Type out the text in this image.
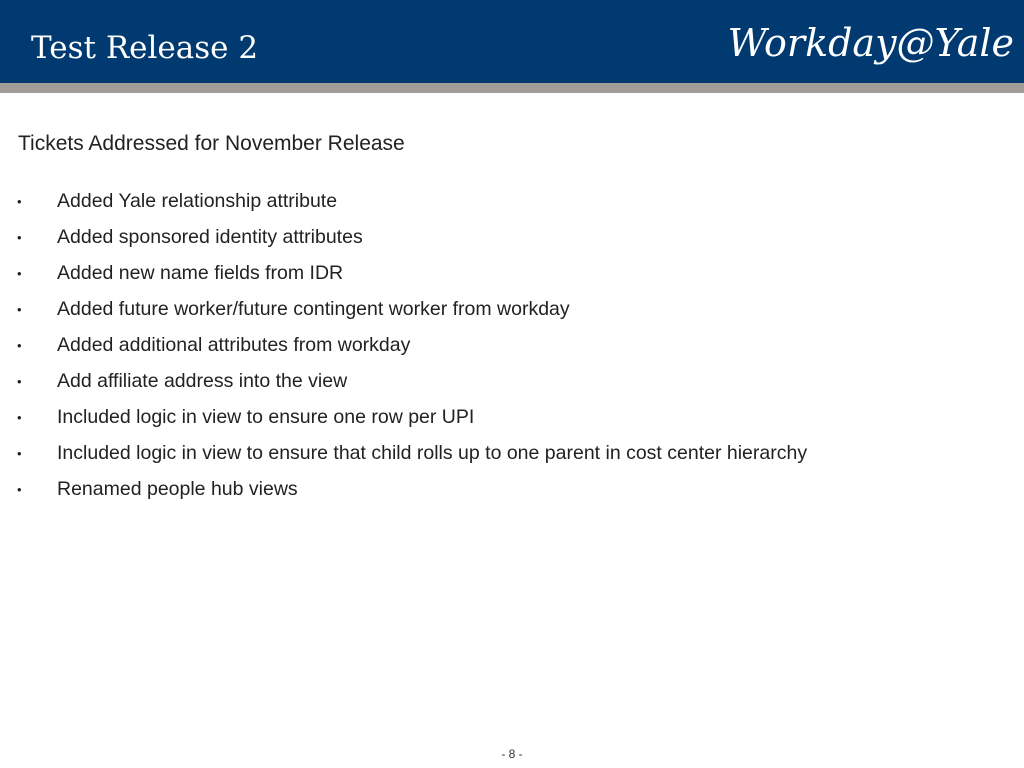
Test Release 2	Workday@Yale
Tickets Addressed for November Release
• Added Yale relationship attribute
• Added sponsored identity attributes
• Added new name fields from IDR
• Added future worker/future contingent worker from workday
• Added additional attributes from workday
• Add affiliate address into the view
• Included logic in view to ensure one row per UPI
• Included logic in view to ensure that child rolls up to one parent in cost center hierarchy
• Renamed people hub views
- 8 -
